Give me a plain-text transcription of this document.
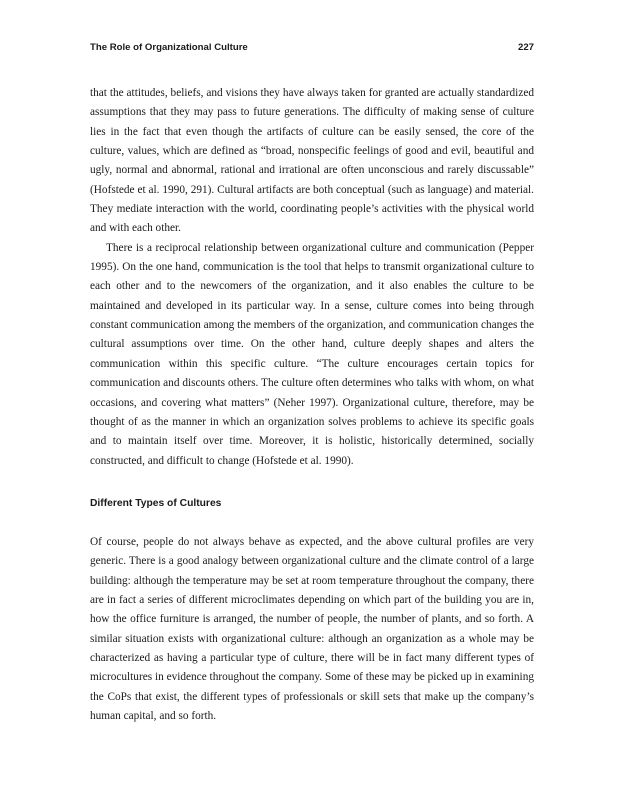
The Role of Organizational Culture	227

that the attitudes, beliefs, and visions they have always taken for granted are actually standardized assumptions that they may pass to future generations. The difficulty of making sense of culture lies in the fact that even though the artifacts of culture can be easily sensed, the core of the culture, values, which are defined as “broad, nonspecific feelings of good and evil, beautiful and ugly, normal and abnormal, rational and irrational are often unconscious and rarely discussable” (Hofstede et al. 1990, 291). Cultural artifacts are both conceptual (such as language) and material. They mediate interaction with the world, coordinating people’s activities with the physical world and with each other.

There is a reciprocal relationship between organizational culture and communication (Pepper 1995). On the one hand, communication is the tool that helps to transmit organizational culture to each other and to the newcomers of the organization, and it also enables the culture to be maintained and developed in its particular way. In a sense, culture comes into being through constant communication among the members of the organization, and communication changes the cultural assumptions over time. On the other hand, culture deeply shapes and alters the communication within this specific culture. “The culture encourages certain topics for communication and discounts others. The culture often determines who talks with whom, on what occasions, and covering what matters” (Neher 1997). Organizational culture, therefore, may be thought of as the manner in which an organization solves problems to achieve its specific goals and to maintain itself over time. Moreover, it is holistic, historically determined, socially constructed, and difficult to change (Hofstede et al. 1990).

Different Types of Cultures

Of course, people do not always behave as expected, and the above cultural profiles are very generic. There is a good analogy between organizational culture and the climate control of a large building: although the temperature may be set at room temperature throughout the company, there are in fact a series of different microclimates depending on which part of the building you are in, how the office furniture is arranged, the number of people, the number of plants, and so forth. A similar situation exists with organizational culture: although an organization as a whole may be characterized as having a particular type of culture, there will be in fact many different types of microcultures in evidence throughout the company. Some of these may be picked up in examining the CoPs that exist, the different types of professionals or skill sets that make up the company’s human capital, and so forth.
